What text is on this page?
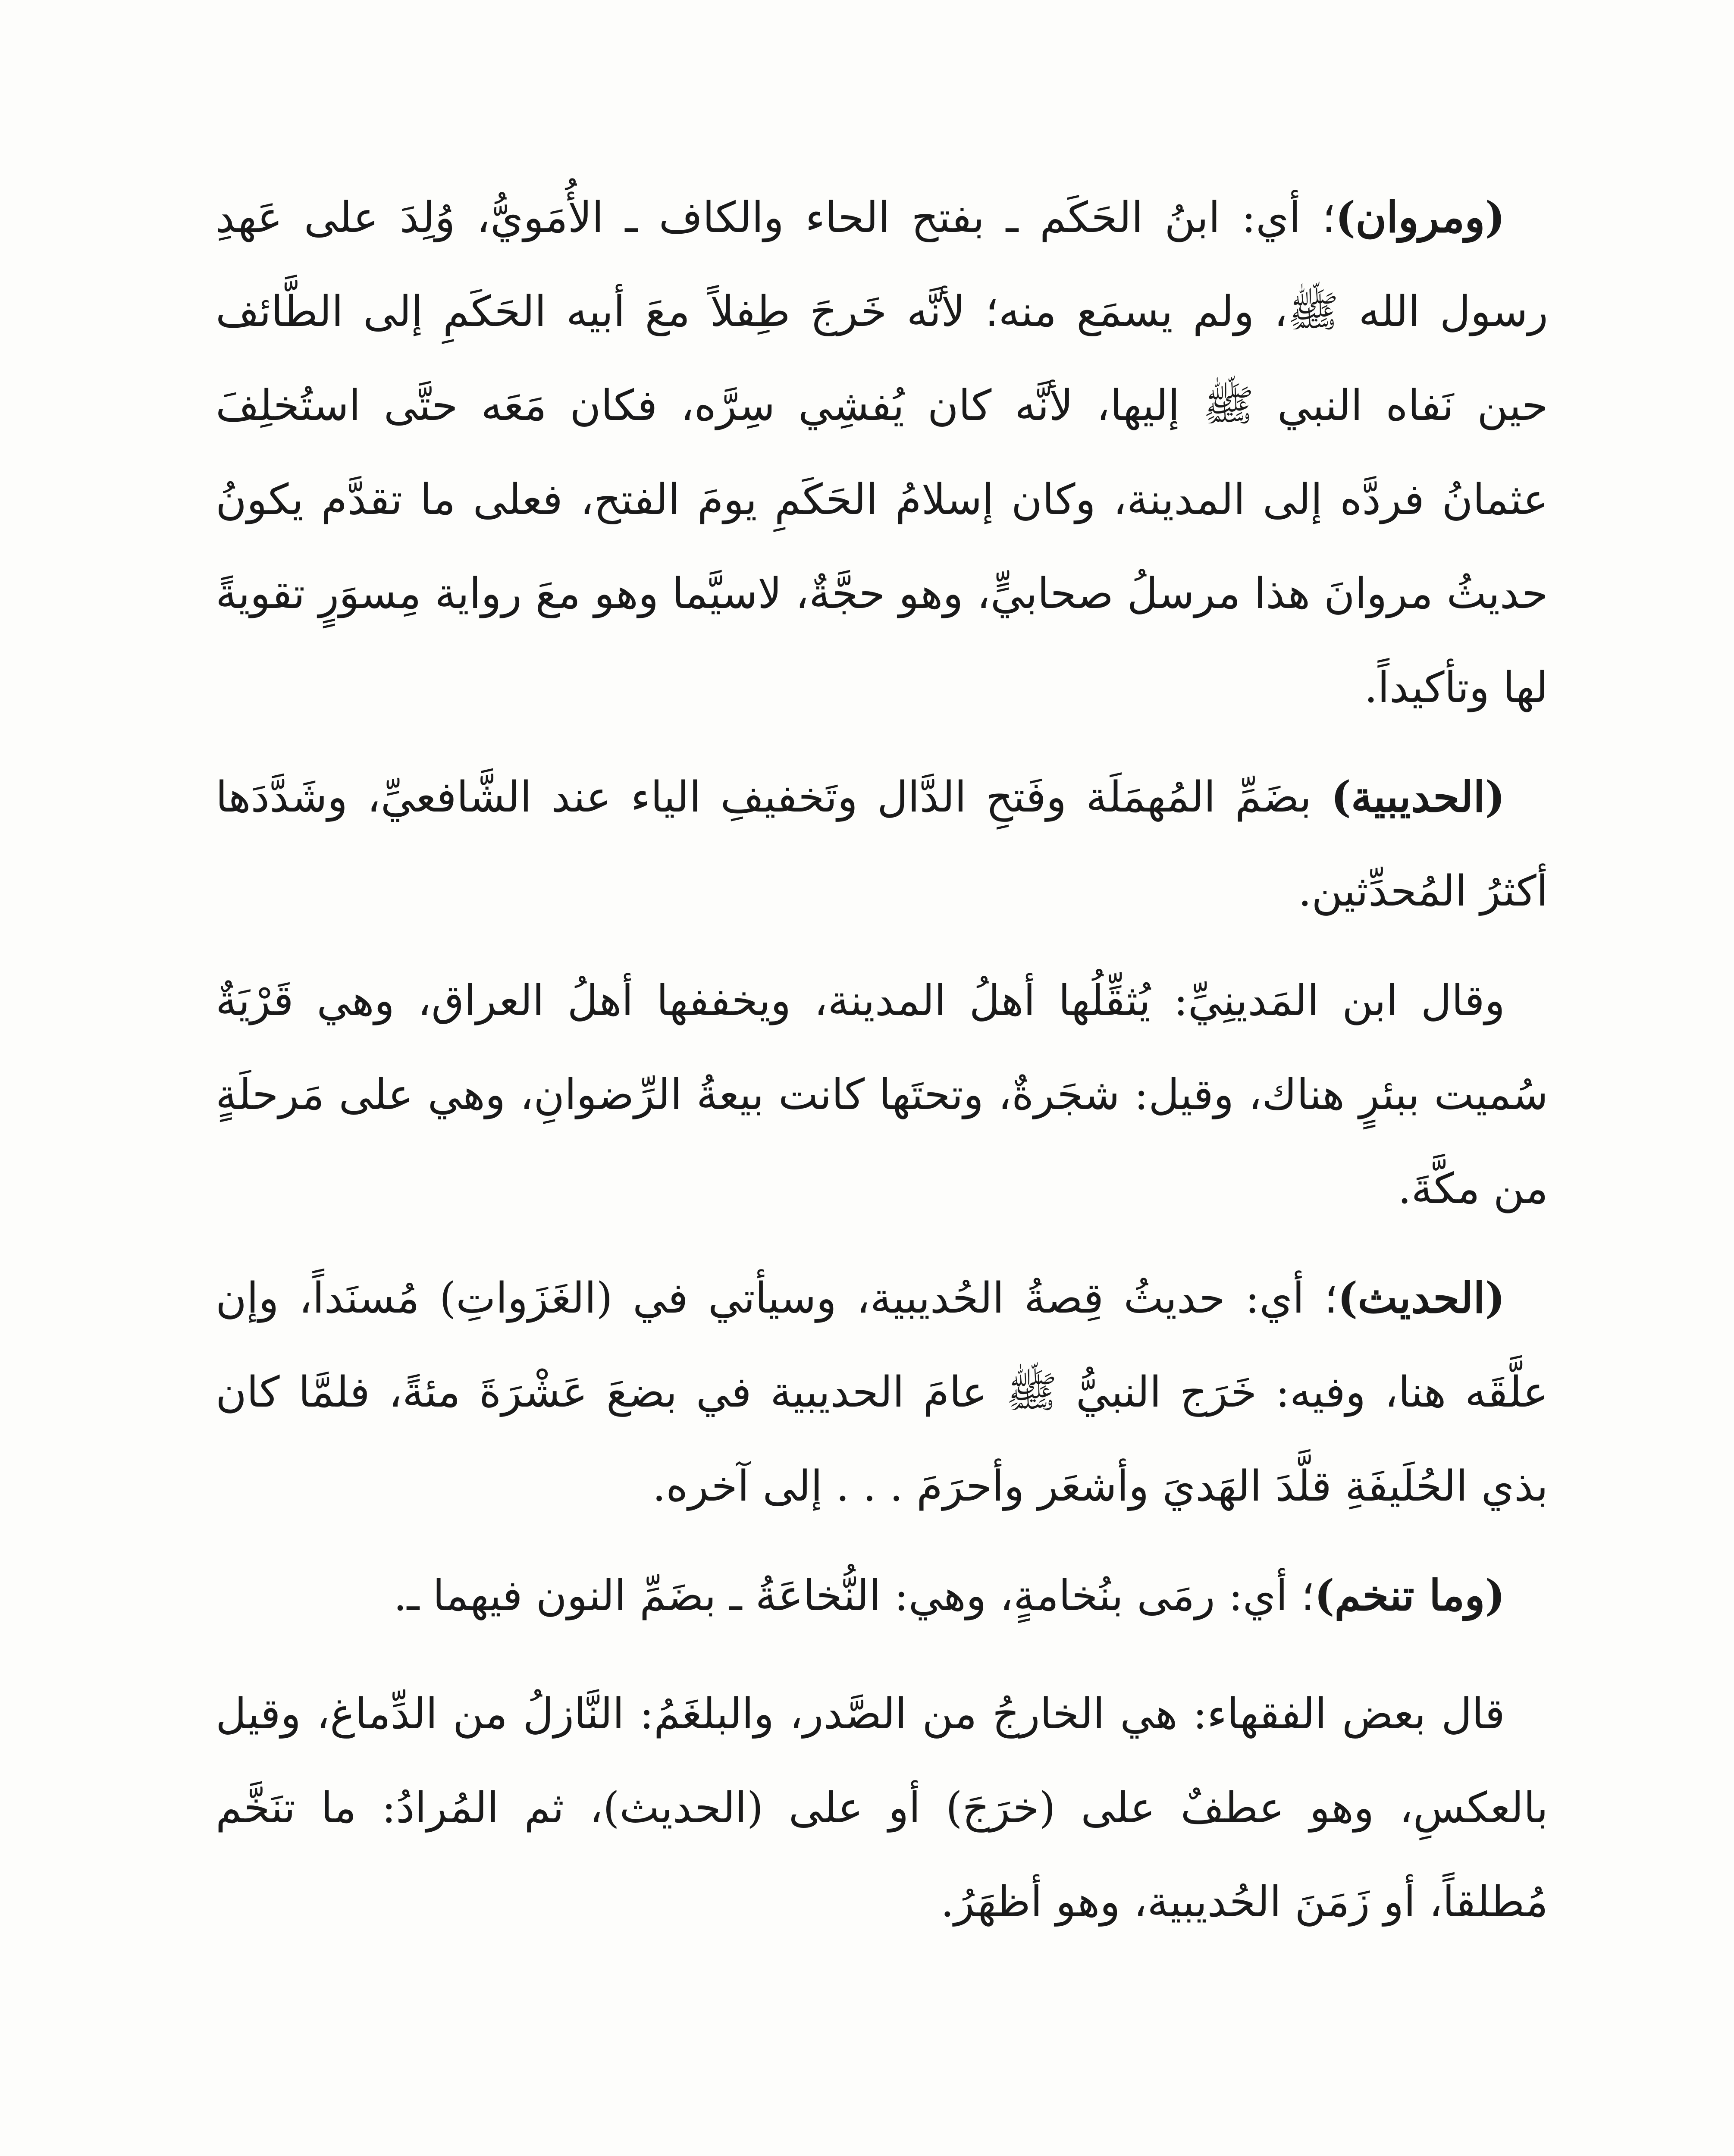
(ومروان)؛ أي: ابنُ الحَكَم ـ بفتح الحاء والكاف ـ الأُمَويُّ، وُلِدَ على عَهدِ رسول الله ﷺ، ولم يسمَع منه؛ لأنَّه خَرجَ طِفلاً معَ أبيه الحَكَمِ إلى الطَّائف حين نَفاه النبي ﷺ إليها، لأنَّه كان يُفشِي سِرَّه، فكان مَعَه حتَّى استُخلِفَ عثمانُ فردَّه إلى المدينة، وكان إسلامُ الحَكَمِ يومَ الفتح، فعلى ما تقدَّم يكونُ حديثُ مروانَ هذا مرسلُ صحابيٍّ، وهو حجَّةٌ، لاسيَّما وهو معَ رواية مِسوَرٍ تقويةً لها وتأكيداً.

(الحديبية) بضَمِّ المُهمَلَة وفَتحِ الدَّال وتَخفيفِ الياء عند الشَّافعيِّ، وشَدَّدَها أكثرُ المُحدِّثين.

وقال ابن المَدينِيِّ: يُثقِّلُها أهلُ المدينة، ويخففها أهلُ العراق، وهي قَرْيَةٌ سُميت ببئرٍ هناك، وقيل: شجَرةٌ، وتحتَها كانت بيعةُ الرِّضوانِ، وهي على مَرحلَةٍ من مكَّةَ.

(الحديث)؛ أي: حديثُ قِصةُ الحُديبية، وسيأتي في (الغَزَواتِ) مُسنَداً، وإن علَّقَه هنا، وفيه: خَرَج النبيُّ ﷺ عامَ الحديبية في بضعَ عَشْرَةَ مئةً، فلمَّا كان بذي الحُلَيفَةِ قلَّدَ الهَديَ وأشعَر وأحرَمَ . . . إلى آخره.

(وما تنخم)؛ أي: رمَى بنُخامةٍ، وهي: النُّخاعَةُ ـ بضَمِّ النون فيهما ـ.

قال بعض الفقهاء: هي الخارجُ من الصَّدر، والبلغَمُ: النَّازلُ من الدِّماغ، وقيل بالعكسِ، وهو عطفٌ على (خرَجَ) أو على (الحديث)، ثم المُرادُ: ما تنَخَّم مُطلقاً، أو زَمَنَ الحُديبية، وهو أظهَرُ.
